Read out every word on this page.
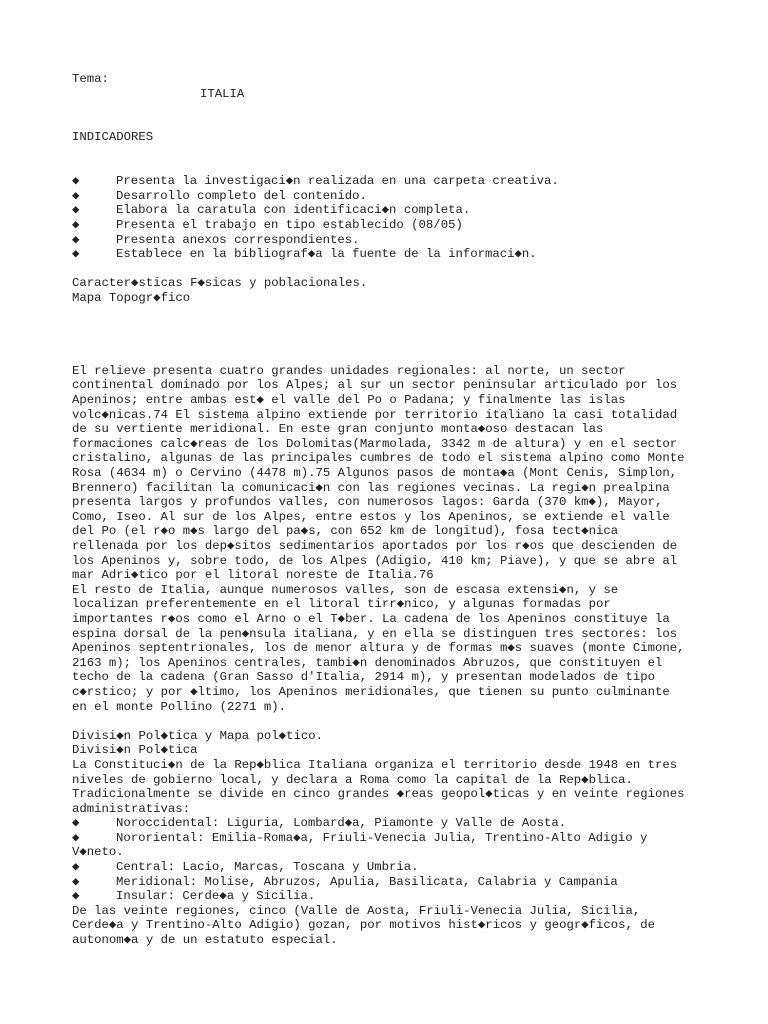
Tema:
ITALIA
INDICADORES
◆	Presenta la investigaci◆n realizada en una carpeta creativa.
◆	Desarrollo completo del contenido.
◆	Elabora la caratula con identificaci◆n completa.
◆	Presenta el trabajo en tipo establecido (08/05)
◆	Presenta anexos correspondientes.
◆	Establece en la bibliograf◆a la fuente de la informaci◆n.
Caracter◆sticas F◆sicas y poblacionales.
Mapa Topogr◆fico
El relieve presenta cuatro grandes unidades regionales: al norte, un sector
continental dominado por los Alpes; al sur un sector peninsular articulado por los
Apeninos; entre ambas est◆ el valle del Po o Padana; y finalmente las islas
volc◆nicas.74 El sistema alpino extiende por territorio italiano la casi totalidad
de su vertiente meridional. En este gran conjunto monta◆oso destacan las
formaciones calc◆reas de los Dolomitas(Marmolada, 3342 m de altura) y en el sector
cristalino, algunas de las principales cumbres de todo el sistema alpino como Monte
Rosa (4634 m) o Cervino (4478 m).75 Algunos pasos de monta◆a (Mont Cenis, Simplon,
Brennero) facilitan la comunicaci◆n con las regiones vecinas. La regi◆n prealpina
presenta largos y profundos valles, con numerosos lagos: Garda (370 km◆), Mayor,
Como, Iseo. Al sur de los Alpes, entre estos y los Apeninos, se extiende el valle
del Po (el r◆o m◆s largo del pa◆s, con 652 km de longitud), fosa tect◆nica
rellenada por los dep◆sitos sedimentarios aportados por los r◆os que descienden de
los Apeninos y, sobre todo, de los Alpes (Adigio, 410 km; Piave), y que se abre al
mar Adri◆tico por el litoral noreste de Italia.76
El resto de Italia, aunque numerosos valles, son de escasa extensi◆n, y se
localizan preferentemente en el litoral tirr◆nico, y algunas formadas por
importantes r◆os como el Arno o el T◆ber. La cadena de los Apeninos constituye la
espina dorsal de la pen◆nsula italiana, y en ella se distinguen tres sectores: los
Apeninos septentrionales, los de menor altura y de formas m◆s suaves (monte Cimone,
2163 m); los Apeninos centrales, tambi◆n denominados Abruzos, que constituyen el
techo de la cadena (Gran Sasso d'Italia, 2914 m), y presentan modelados de tipo
c◆rstico; y por ◆ltimo, los Apeninos meridionales, que tienen su punto culminante
en el monte Pollino (2271 m).
Divisi◆n Pol◆tica y Mapa pol◆tico.
Divisi◆n Pol◆tica
La Constituci◆n de la Rep◆blica Italiana organiza el territorio desde 1948 en tres
niveles de gobierno local, y declara a Roma como la capital de la Rep◆blica.
Tradicionalmente se divide en cinco grandes ◆reas geopol◆ticas y en veinte regiones
administrativas:
◆	Noroccidental: Liguria, Lombard◆a, Piamonte y Valle de Aosta.
◆	Nororiental: Emilia-Roma◆a, Friuli-Venecia Julia, Trentino-Alto Adigio y
V◆neto.
◆	Central: Lacio, Marcas, Toscana y Umbria.
◆	Meridional: Molise, Abruzos, Apulia, Basilicata, Calabria y Campania
◆	Insular: Cerde◆a y Sicilia.
De las veinte regiones, cinco (Valle de Aosta, Friuli-Venecia Julia, Sicilia,
Cerde◆a y Trentino-Alto Adigio) gozan, por motivos hist◆ricos y geogr◆ficos, de
autonom◆a y de un estatuto especial.
